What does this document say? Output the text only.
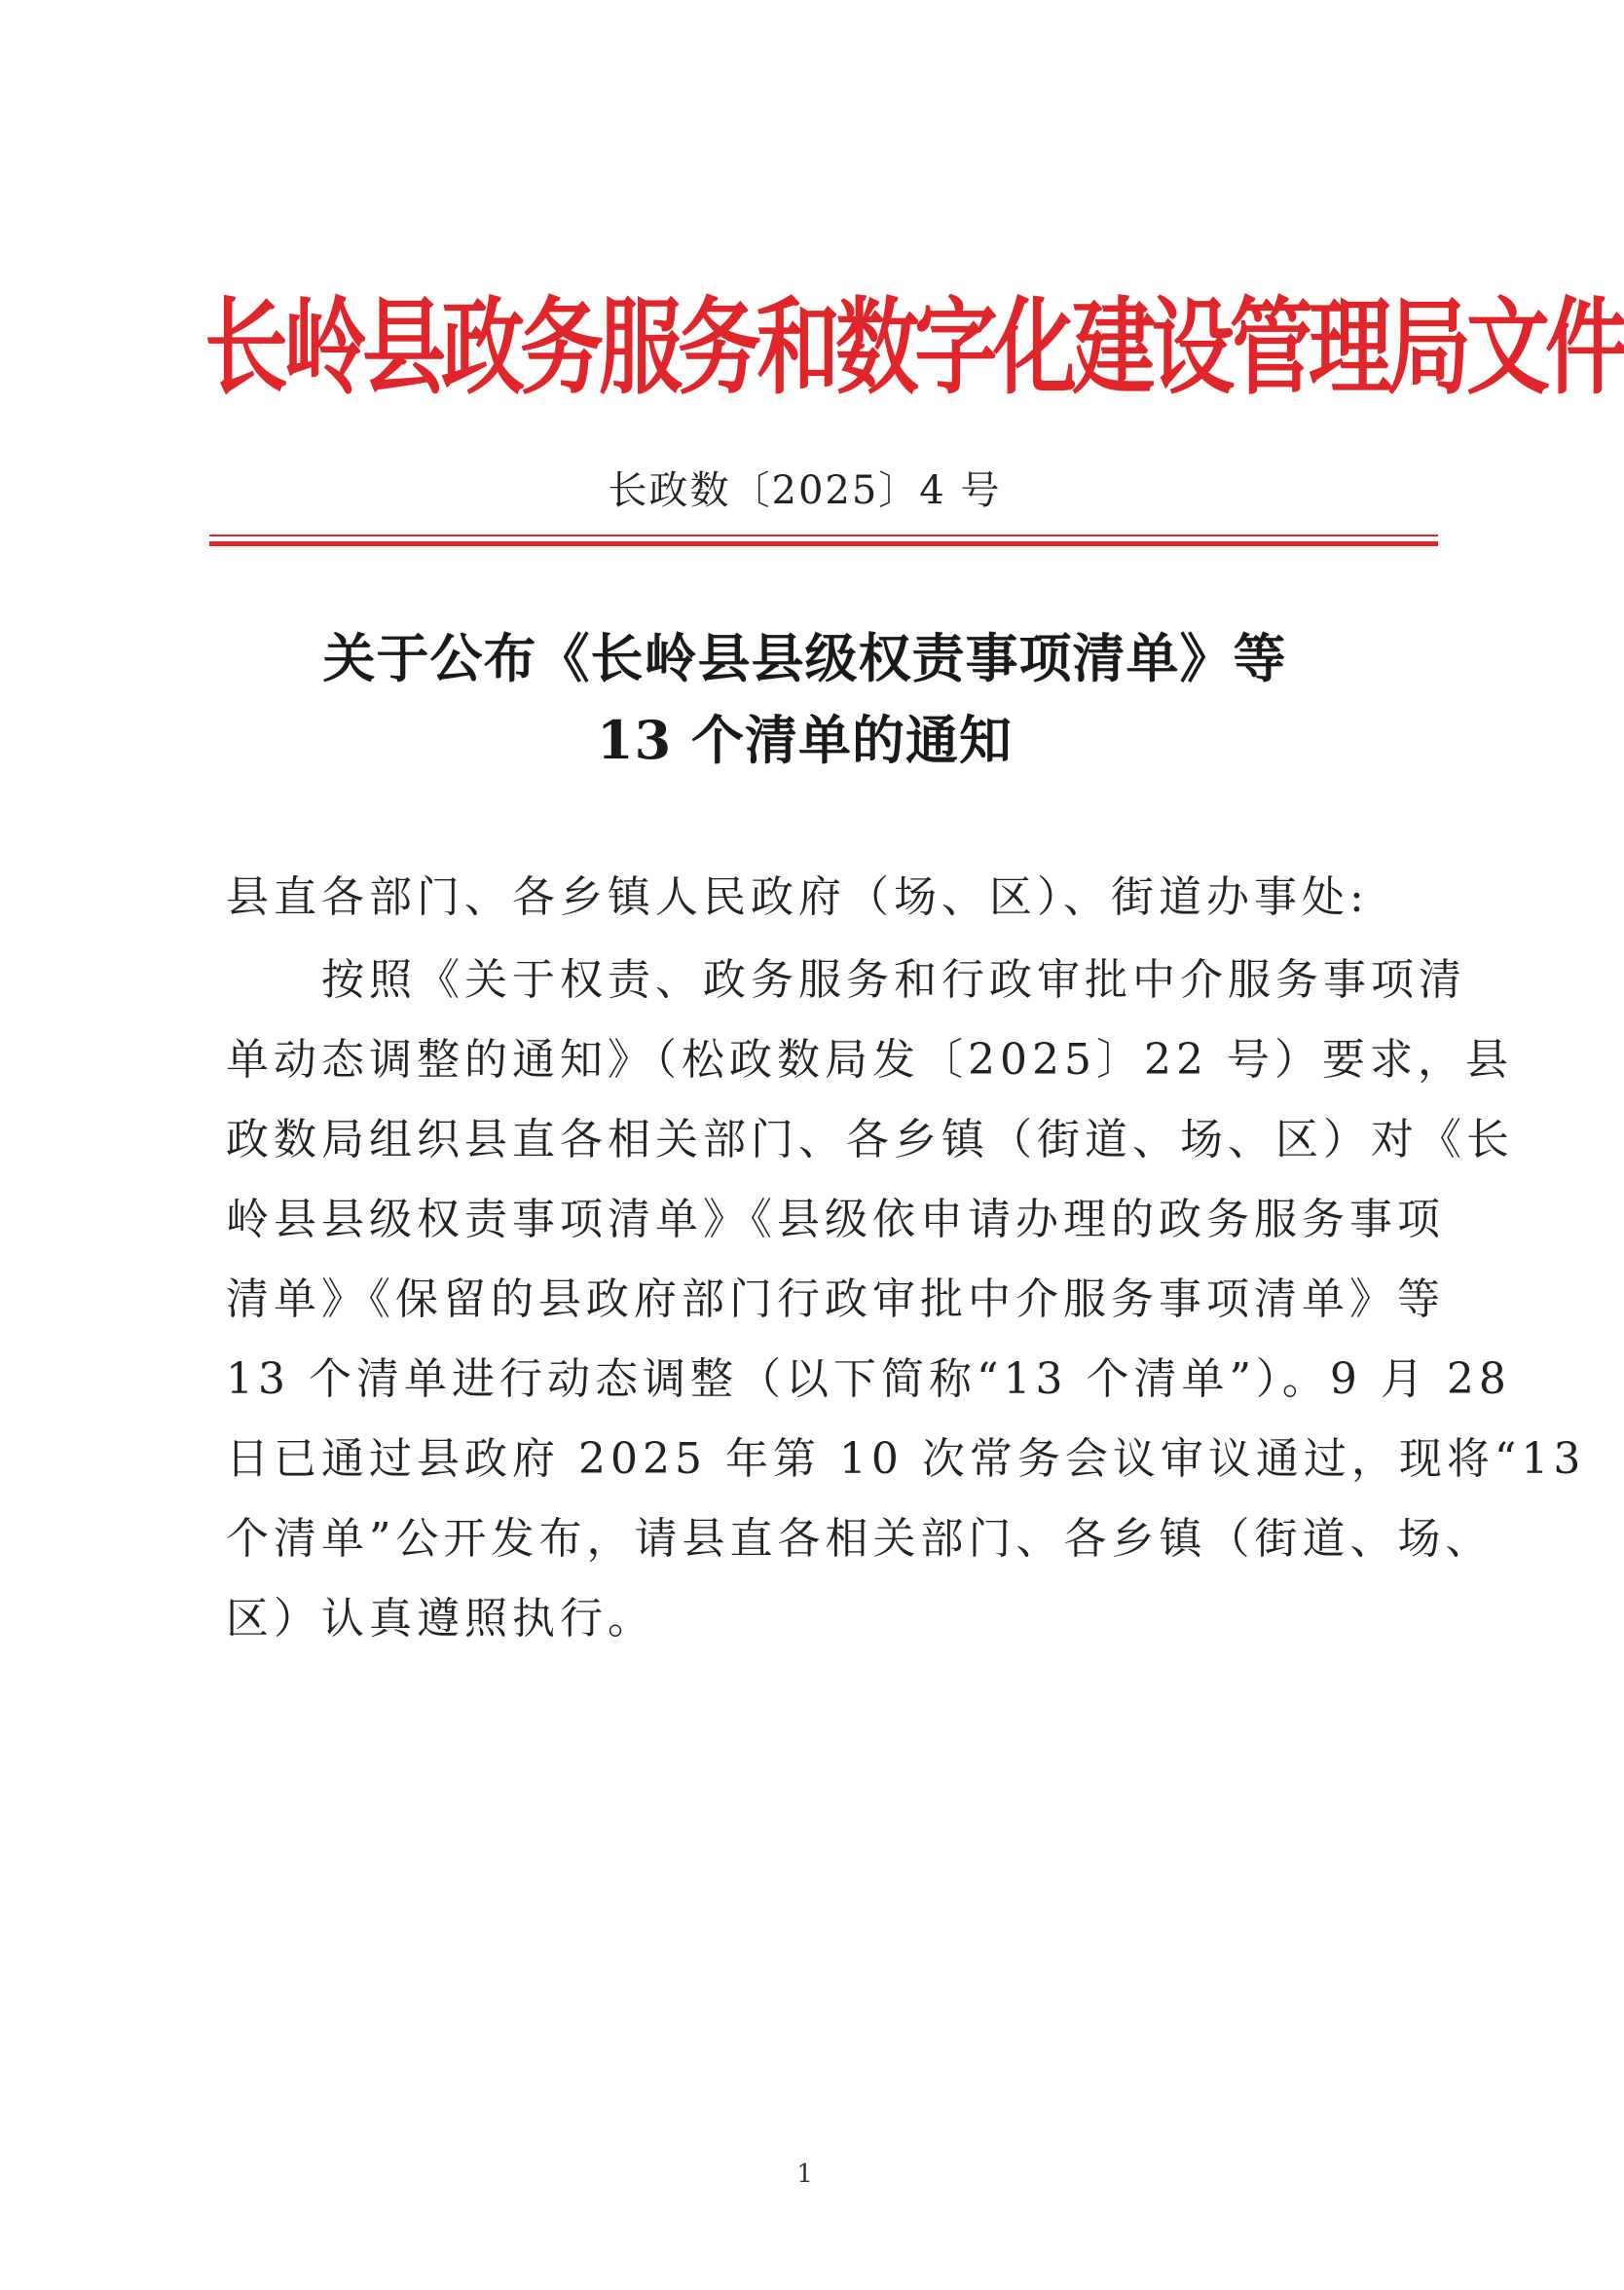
长岭县政务服务和数字化建设管理局文件
长政数〔2025〕4 号
关于公布《长岭县县级权责事项清单》等
13 个清单的通知
县直各部门、各乡镇人民政府（场、区）、街道办事处:
　　按照《关于权责、政务服务和行政审批中介服务事项清
单动态调整的通知》（松政数局发〔2025〕22 号）要求，县
政数局组织县直各相关部门、各乡镇（街道、场、区）对《长
岭县县级权责事项清单》《县级依申请办理的政务服务事项
清单》《保留的县政府部门行政审批中介服务事项清单》等
13 个清单进行动态调整（以下简称“13 个清单”）。9 月 28
日已通过县政府 2025 年第 10 次常务会议审议通过，现将“13
个清单”公开发布，请县直各相关部门、各乡镇（街道、场、
区）认真遵照执行。
1
